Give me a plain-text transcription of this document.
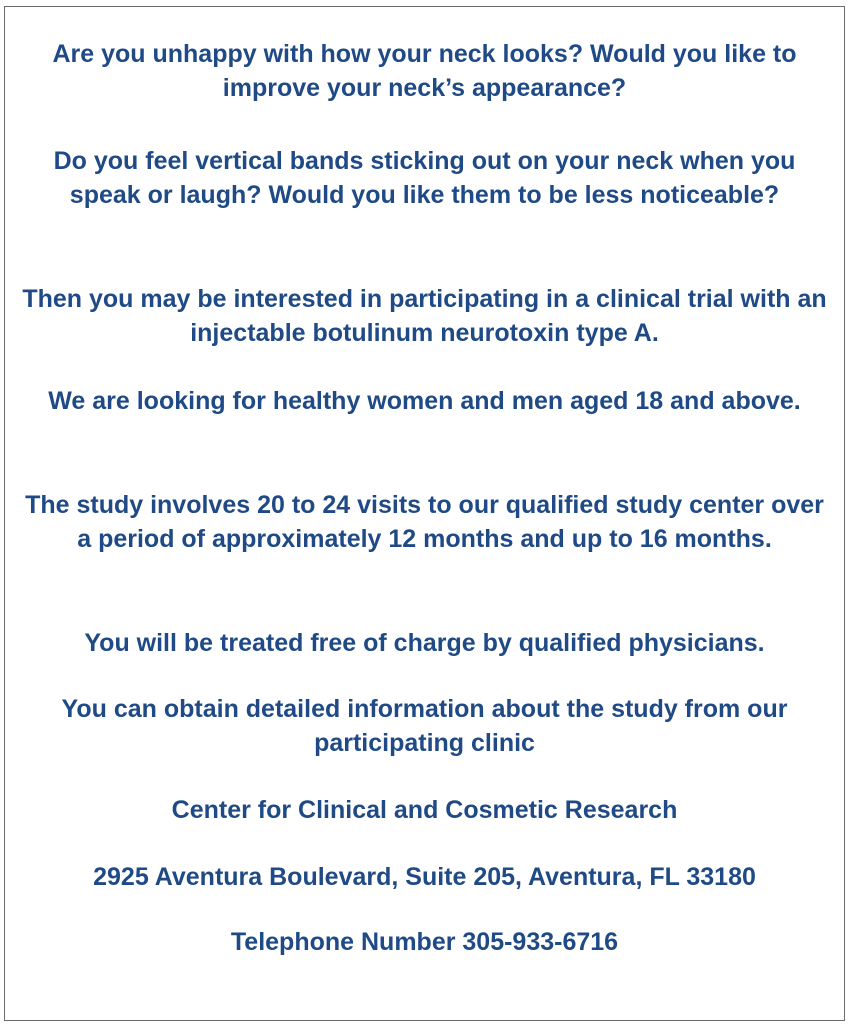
Are you unhappy with how your neck looks? Would you like to improve your neck’s appearance?

Do you feel vertical bands sticking out on your neck when you speak or laugh? Would you like them to be less noticeable?

Then you may be interested in participating in a clinical trial with an injectable botulinum neurotoxin type A.

We are looking for healthy women and men aged 18 and above.

The study involves 20 to 24 visits to our qualified study center over a period of approximately 12 months and up to 16 months.

You will be treated free of charge by qualified physicians.

You can obtain detailed information about the study from our participating clinic

Center for Clinical and Cosmetic Research

2925 Aventura Boulevard, Suite 205, Aventura, FL 33180

Telephone Number 305-933-6716
